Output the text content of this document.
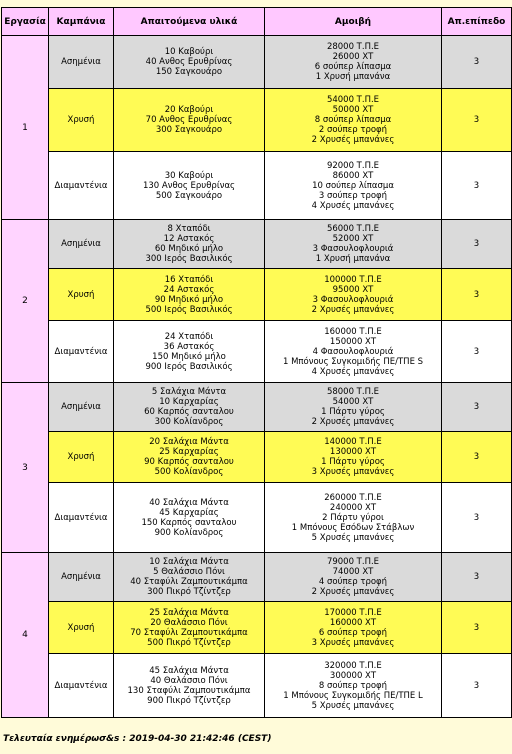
Εργασία	Καμπάνια	Απαιτούμενα υλικά	Αμοιβή	Απ.επίπεδο
1	Ασημένια	10 Καβούρι
40 Ανθος Ερυθρίνας
150 Σαγκουάρο	28000 Τ.Π.Ε
26000 ΧΤ
6 σούπερ λίπασμα
1 Χρυσή μπανάνα	3
	Χρυσή	20 Καβούρι
70 Ανθος Ερυθρίνας
300 Σαγκουάρο	54000 Τ.Π.Ε
50000 ΧΤ
8 σούπερ λίπασμα
2 σούπερ τροφή
2 Χρυσές μπανάνες	3
	Διαμαντένια	30 Καβούρι
130 Ανθος Ερυθρίνας
500 Σαγκουάρο	92000 Τ.Π.Ε
86000 ΧΤ
10 σούπερ λίπασμα
3 σούπερ τροφή
4 Χρυσές μπανάνες	3
2	Ασημένια	8 Χταπόδι
12 Αστακός
60 Μηδικό μήλο
300 Ιερός Βασιλικός	56000 Τ.Π.Ε
52000 ΧΤ
3 Φασουλοφλουριά
1 Χρυσή μπανάνα	3
	Χρυσή	16 Χταπόδι
24 Αστακός
90 Μηδικό μήλο
500 Ιερός Βασιλικός	100000 Τ.Π.Ε
95000 ΧΤ
3 Φασουλοφλουριά
2 Χρυσές μπανάνες	3
	Διαμαντένια	24 Χταπόδι
36 Αστακός
150 Μηδικό μήλο
900 Ιερός Βασιλικός	160000 Τ.Π.Ε
150000 ΧΤ
4 Φασουλοφλουριά
1 Μπόνους Συγκομιδής ΠΕ/ΤΠΕ S
4 Χρυσές μπανάνες	3
3	Ασημένια	5 Σαλάχια Μάντα
10 Καρχαρίας
60 Καρπός σανταλου
300 Κολίανδρος	58000 Τ.Π.Ε
54000 ΧΤ
1 Πάρτυ γύρος
2 Χρυσές μπανάνες	3
	Χρυσή	20 Σαλάχια Μάντα
25 Καρχαρίας
90 Καρπός σανταλου
500 Κολίανδρος	140000 Τ.Π.Ε
130000 ΧΤ
1 Πάρτυ γύρος
3 Χρυσές μπανάνες	3
	Διαμαντένια	40 Σαλάχια Μάντα
45 Καρχαρίας
150 Καρπός σανταλου
900 Κολίανδρος	260000 Τ.Π.Ε
240000 ΧΤ
2 Πάρτυ γύροι
1 Μπόνους Εσόδων Στάβλων
5 Χρυσές μπανάνες	3
4	Ασημένια	10 Σαλάχια Μάντα
5 Θαλάσσιο Πόνι
40 Σταφύλι Ζαμπουτικάμπα
300 Πικρό Τζίντζερ	79000 Τ.Π.Ε
74000 ΧΤ
4 σούπερ τροφή
2 Χρυσές μπανάνες	3
	Χρυσή	25 Σαλάχια Μάντα
20 Θαλάσσιο Πόνι
70 Σταφύλι Ζαμπουτικάμπα
500 Πικρό Τζίντζερ	170000 Τ.Π.Ε
160000 ΧΤ
6 σούπερ τροφή
3 Χρυσές μπανάνες	3
	Διαμαντένια	45 Σαλάχια Μάντα
40 Θαλάσσιο Πόνι
130 Σταφύλι Ζαμπουτικάμπα
900 Πικρό Τζίντζερ	320000 Τ.Π.Ε
300000 ΧΤ
8 σούπερ τροφή
1 Μπόνους Συγκομιδής ΠΕ/ΤΠΕ L
5 Χρυσές μπανάνες	3
Τελευταία ενημέρωσ&s : 2019-04-30 21:42:46 (CEST)
